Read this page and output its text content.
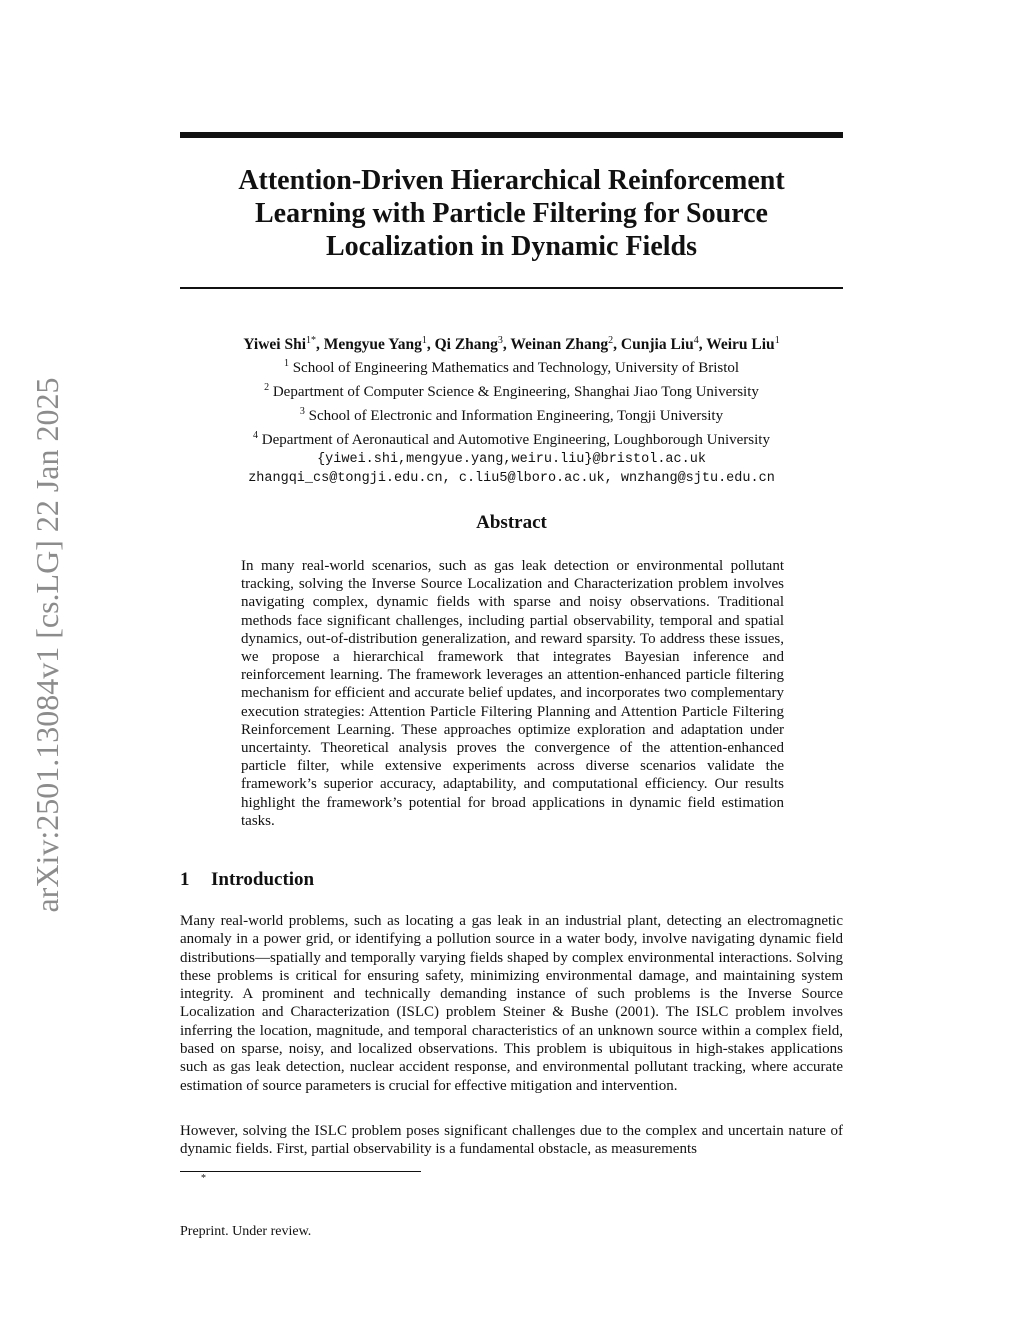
arXiv:2501.13084v1 [cs.LG] 22 Jan 2025
Attention-Driven Hierarchical Reinforcement Learning with Particle Filtering for Source Localization in Dynamic Fields
Yiwei Shi$^{1*}$, Mengyue Yang$^1$, Qi Zhang$^3$, Weinan Zhang$^2$, Cunjia Liu$^4$, Weiru Liu$^1$
$^1$ School of Engineering Mathematics and Technology, University of Bristol
$^2$ Department of Computer Science & Engineering, Shanghai Jiao Tong University
$^3$ School of Electronic and Information Engineering, Tongji University
$^4$ Department of Aeronautical and Automotive Engineering, Loughborough University
{yiwei.shi,mengyue.yang,weiru.liu}@bristol.ac.uk
zhangqi_cs@tongji.edu.cn, c.liu5@lboro.ac.uk, wnzhang@sjtu.edu.cn
Abstract
In many real-world scenarios, such as gas leak detection or environmental pollutant tracking, solving the Inverse Source Localization and Characterization problem involves navigating complex, dynamic fields with sparse and noisy observations. Traditional methods face significant challenges, including partial observability, temporal and spatial dynamics, out-of-distribution generalization, and reward sparsity. To address these issues, we propose a hierarchical framework that integrates Bayesian inference and reinforcement learning. The framework leverages an attention-enhanced particle filtering mechanism for efficient and accurate belief updates, and incorporates two complementary execution strategies: Attention Particle Filtering Planning and Attention Particle Filtering Reinforcement Learning. These approaches optimize exploration and adaptation under uncertainty. Theoretical analysis proves the convergence of the attention-enhanced particle filter, while extensive experiments across diverse scenarios validate the framework’s superior accuracy, adaptability, and computational efficiency. Our results highlight the framework’s potential for broad applications in dynamic field estimation tasks.
1 Introduction

Many real-world problems, such as locating a gas leak in an industrial plant, detecting an electromagnetic anomaly in a power grid, or identifying a pollution source in a water body, involve navigating dynamic field distributions—spatially and temporally varying fields shaped by complex environmental interactions. Solving these problems is critical for ensuring safety, minimizing environmental damage, and maintaining system integrity. A prominent and technically demanding instance of such problems is the Inverse Source Localization and Characterization (ISLC) problem Steiner & Bushe (2001). The ISLC problem involves inferring the location, magnitude, and temporal characteristics of an unknown source within a complex field, based on sparse, noisy, and localized observations. This problem is ubiquitous in high-stakes applications such as gas leak detection, nuclear accident response, and environmental pollutant tracking, where accurate estimation of source parameters is crucial for effective mitigation and intervention.

However, solving the ISLC problem poses significant challenges due to the complex and uncertain nature of dynamic fields. First, partial observability is a fundamental obstacle, as measurements

*
Preprint. Under review.
